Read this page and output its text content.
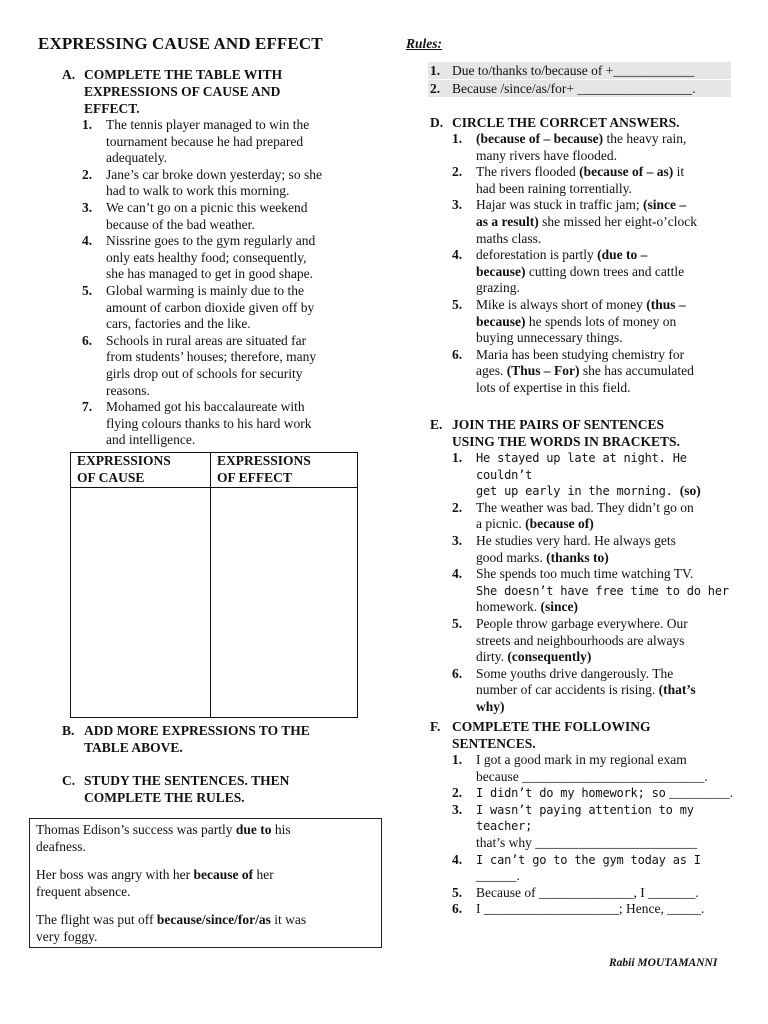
EXPRESSING CAUSE AND EFFECT
A. COMPLETE THE TABLE WITH
EXPRESSIONS OF CAUSE AND
EFFECT.
1. The tennis player managed to win the
tournament because he had prepared
adequately.
2. Jane’s car broke down yesterday; so she
had to walk to work this morning.
3. We can’t go on a picnic this weekend
because of the bad weather.
4. Nissrine goes to the gym regularly and
only eats healthy food; consequently,
she has managed to get in good shape.
5. Global warming is mainly due to the
amount of carbon dioxide given off by
cars, factories and the like.
6. Schools in rural areas are situated far
from students’ houses; therefore, many
girls drop out of schools for security
reasons.
7. Mohamed got his baccalaureate with
flying colours thanks to his hard work
and intelligence.
EXPRESSIONS
OF CAUSE
EXPRESSIONS
OF EFFECT
B. ADD MORE EXPRESSIONS TO THE
TABLE ABOVE.
C. STUDY THE SENTENCES. THEN
COMPLETE THE RULES.

Thomas Edison’s success was partly due to his
deafness.

Her boss was angry with her because of her
frequent absence.

The flight was put off because/since/for/as it was
very foggy.

Rules:
1. Due to/thanks to/because of +____________
2. Because /since/as/for+ _________________.
D. CIRCLE THE CORRCET ANSWERS.
1. (because of – because) the heavy rain,
many rivers have flooded.
2. The rivers flooded (because of – as) it
had been raining torrentially.
3. Hajar was stuck in traffic jam; (since –
as a result) she missed her eight-o’clock
maths class.
4. deforestation is partly (due to –
because) cutting down trees and cattle
grazing.
5. Mike is always short of money (thus –
because) he spends lots of money on
buying unnecessary things.
6. Maria has been studying chemistry for
ages. (Thus – For) she has accumulated
lots of expertise in this field.
E. JOIN THE PAIRS OF SENTENCES
USING THE WORDS IN BRACKETS.
1. He stayed up late at night. He couldn’t
get up early in the morning. (so)
2. The weather was bad. They didn’t go on
a picnic. (because of)
3. He studies very hard. He always gets
good marks. (thanks to)
4. She spends too much time watching TV.
She doesn’t have free time to do her
homework. (since)
5. People throw garbage everywhere. Our
streets and neighbourhoods are always
dirty. (consequently)
6. Some youths drive dangerously. The
number of car accidents is rising. (that’s
why)
F. COMPLETE THE FOLLOWING
SENTENCES.
1. I got a good mark in my regional exam
because ___________________________.
2. I didn’t do my homework; so _________.
3. I wasn’t paying attention to my teacher;
that’s why ________________________
4. I can’t go to the gym today as I ______.
5. Because of ______________, I _______.
6. I ____________________; Hence, _____.
Rabii MOUTAMANNI
